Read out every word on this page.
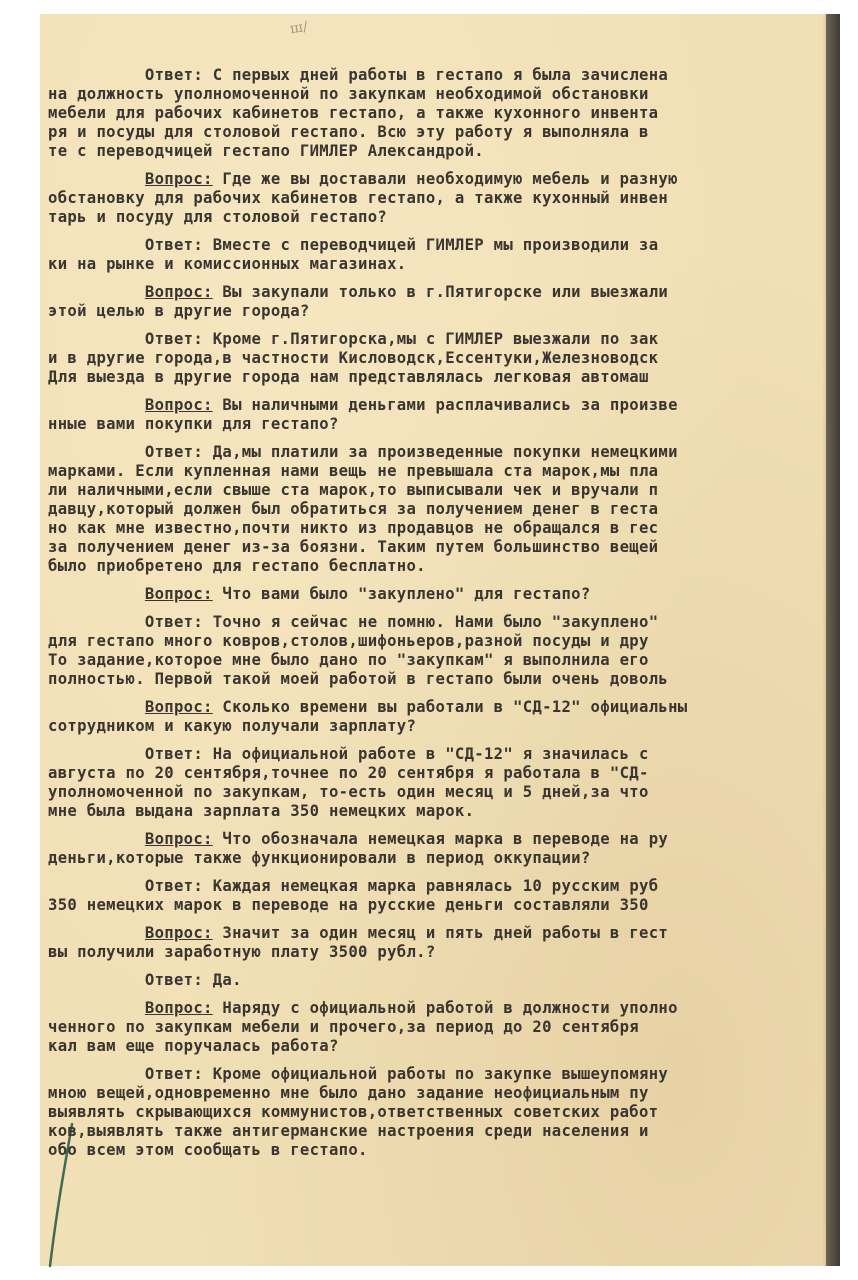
ш/
Ответ: С первых дней работы в гестапо я была зачислена
на должность уполномоченной по закупкам необходимой обстановки
мебели для рабочих кабинетов гестапо, а также кухонного инвента
ря и посуды для столовой гестапо. Всю эту работу я выполняла в
те с переводчицей гестапо ГИМЛЕР Александрой.
Вопрос: Где же вы доставали необходимую мебель и разную
обстановку для рабочих кабинетов гестапо, а также кухонный инвен
тарь и посуду для столовой гестапо?
Ответ: Вместе с переводчицей ГИМЛЕР мы производили за
ки на рынке и комиссионных магазинах.
Вопрос: Вы закупали только в г.Пятигорске или выезжали
этой целью в другие города?
Ответ: Кроме г.Пятигорска,мы с ГИМЛЕР выезжали по зак
и в другие города,в частности Кисловодск,Ессентуки,Железноводск
Для выезда в другие города нам представлялась легковая автомаш
Вопрос: Вы наличными деньгами расплачивались за произве
нные вами покупки для гестапо?
Ответ: Да,мы платили за произведенные покупки немецкими
марками. Если купленная нами вещь не превышала ста марок,мы пла
ли наличными,если свыше ста марок,то выписывали чек и вручали п
давцу,который должен был обратиться за получением денег в геста
но как мне известно,почти никто из продавцов не обращался в гес
за получением денег из-за боязни. Таким путем большинство вещей
было приобретено для гестапо бесплатно.
Вопрос: Что вами было "закуплено" для гестапо?
Ответ: Точно я сейчас не помню. Нами было "закуплено"
для гестапо много ковров,столов,шифоньеров,разной посуды и дру
То задание,которое мне было дано по "закупкам" я выполнила его
полностью. Первой такой моей работой в гестапо были очень доволь
Вопрос: Сколько времени вы работали в "СД-12" официальны
сотрудником и какую получали зарплату?
Ответ: На официальной работе в "СД-12" я значилась с
августа по 20 сентября,точнее по 20 сентября я работала в "СД-
уполномоченной по закупкам, то-есть один месяц и 5 дней,за что
мне была выдана зарплата 350 немецких марок.
Вопрос: Что обозначала немецкая марка в переводе на ру
деньги,которые также функционировали в период оккупации?
Ответ: Каждая немецкая марка равнялась 10 русским руб
350 немецких марок в переводе на русские деньги составляли 350
Вопрос: Значит за один месяц и пять дней работы в гест
вы получили заработную плату 3500 рубл.?
Ответ: Да.
Вопрос: Наряду с официальной работой в должности уполно
ченного по закупкам мебели и прочего,за период до 20 сентября
кал вам еще поручалась работа?
Ответ: Кроме официальной работы по закупке вышеупомяну
мною вещей,одновременно мне было дано задание неофициальным пу
выявлять скрывающихся коммунистов,ответственных советских работ
ков,выявлять также антигерманские настроения среди населения и
обо всем этом сообщать в гестапо.
